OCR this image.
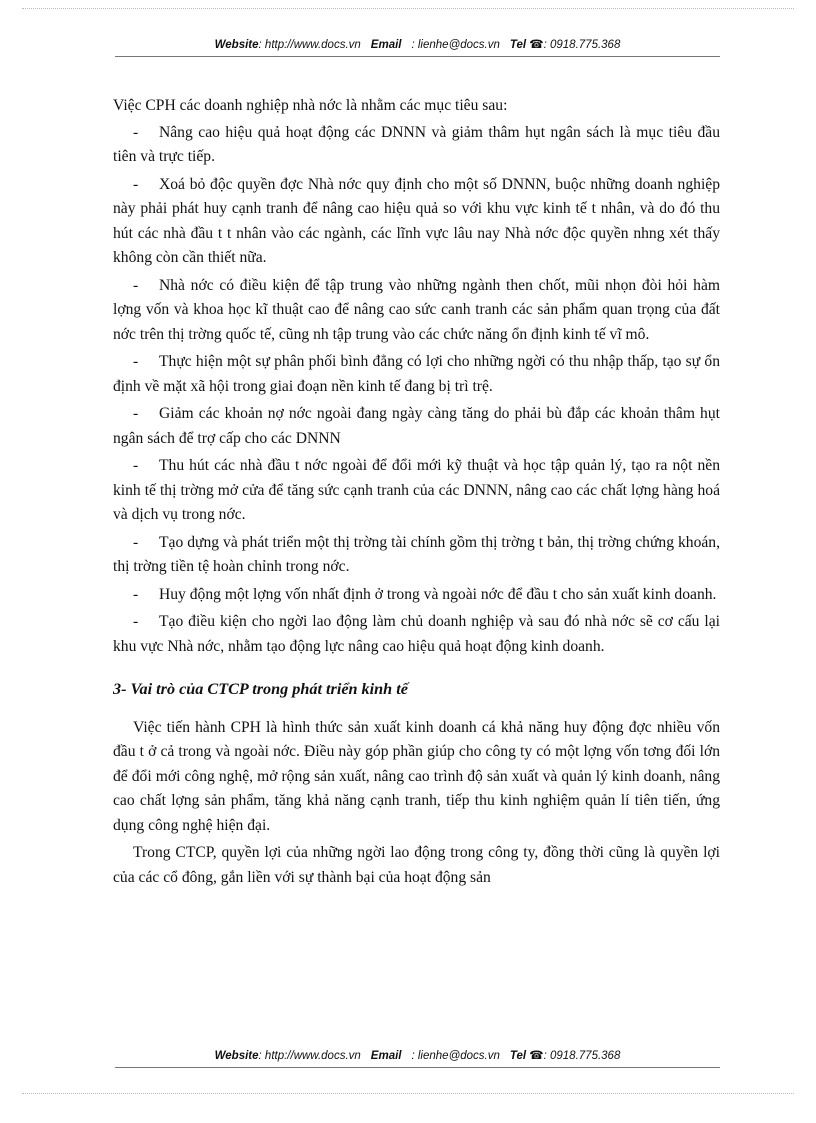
Website: http://www.docs.vn Email : lienhe@docs.vn Tel ☎: 0918.775.368

Việc CPH các doanh nghiệp nhà nớc là nhằm các mục tiêu sau:

- Nâng cao hiệu quả hoạt động các DNNN và giảm thâm hụt ngân sách là mục tiêu đầu tiên và trực tiếp.

- Xoá bỏ độc quyền đợc Nhà nớc quy định cho một số DNNN, buộc những doanh nghiệp này phải phát huy cạnh tranh để nâng cao hiệu quả so với khu vực kinh tế t nhân, và do đó thu hút các nhà đầu t t nhân vào các ngành, các lĩnh vực lâu nay Nhà nớc độc quyền nhng xét thấy không còn cần thiết nữa.

- Nhà nớc có điều kiện để tập trung vào những ngành then chốt, mũi nhọn đòi hỏi hàm lợng vốn và khoa học kĩ thuật cao để nâng cao sức canh tranh các sản phẩm quan trọng của đất nớc trên thị trờng quốc tế, cũng nh tập trung vào các chức năng ổn định kinh tế vĩ mô.

- Thực hiện một sự phân phối bình đẳng có lợi cho những ngời có thu nhập thấp, tạo sự ổn định về mặt xã hội trong giai đoạn nền kinh tế đang bị trì trệ.

- Giảm các khoản nợ nớc ngoài đang ngày càng tăng do phải bù đắp các khoản thâm hụt ngân sách để trợ cấp cho các DNNN

- Thu hút các nhà đầu t nớc ngoài để đổi mới kỹ thuật và học tập quản lý, tạo ra nột nền kinh tế thị trờng mở cửa để tăng sức cạnh tranh của các DNNN, nâng cao các chất lợng hàng hoá và dịch vụ trong nớc.

- Tạo dựng và phát triển một thị trờng tài chính gồm thị trờng t bản, thị trờng chứng khoán, thị trờng tiền tệ hoàn chỉnh trong nớc.

- Huy động một lợng vốn nhất định ở trong và ngoài nớc để đầu t cho sản xuất kinh doanh.

- Tạo điều kiện cho ngời lao động làm chủ doanh nghiệp và sau đó nhà nớc sẽ cơ cấu lại khu vực Nhà nớc, nhằm tạo động lực nâng cao hiệu quả hoạt động kinh doanh.

3- Vai trò của CTCP trong phát triển kinh tế

Việc tiến hành CPH là hình thức sản xuất kinh doanh cá khả năng huy động đợc nhiều vốn đầu t ở cả trong và ngoài nớc. Điều này góp phần giúp cho công ty có một lợng vốn tơng đối lớn để đổi mới công nghệ, mở rộng sản xuất, nâng cao trình độ sản xuất và quản lý kinh doanh, nâng cao chất lợng sản phẩm, tăng khả năng cạnh tranh, tiếp thu kinh nghiệm quản lí tiên tiến, ứng dụng công nghệ hiện đại.

Trong CTCP, quyền lợi của những ngời lao động trong công ty, đồng thời cũng là quyền lợi của các cổ đông, gắn liền với sự thành bại của hoạt động sản

Website: http://www.docs.vn Email : lienhe@docs.vn Tel ☎: 0918.775.368
